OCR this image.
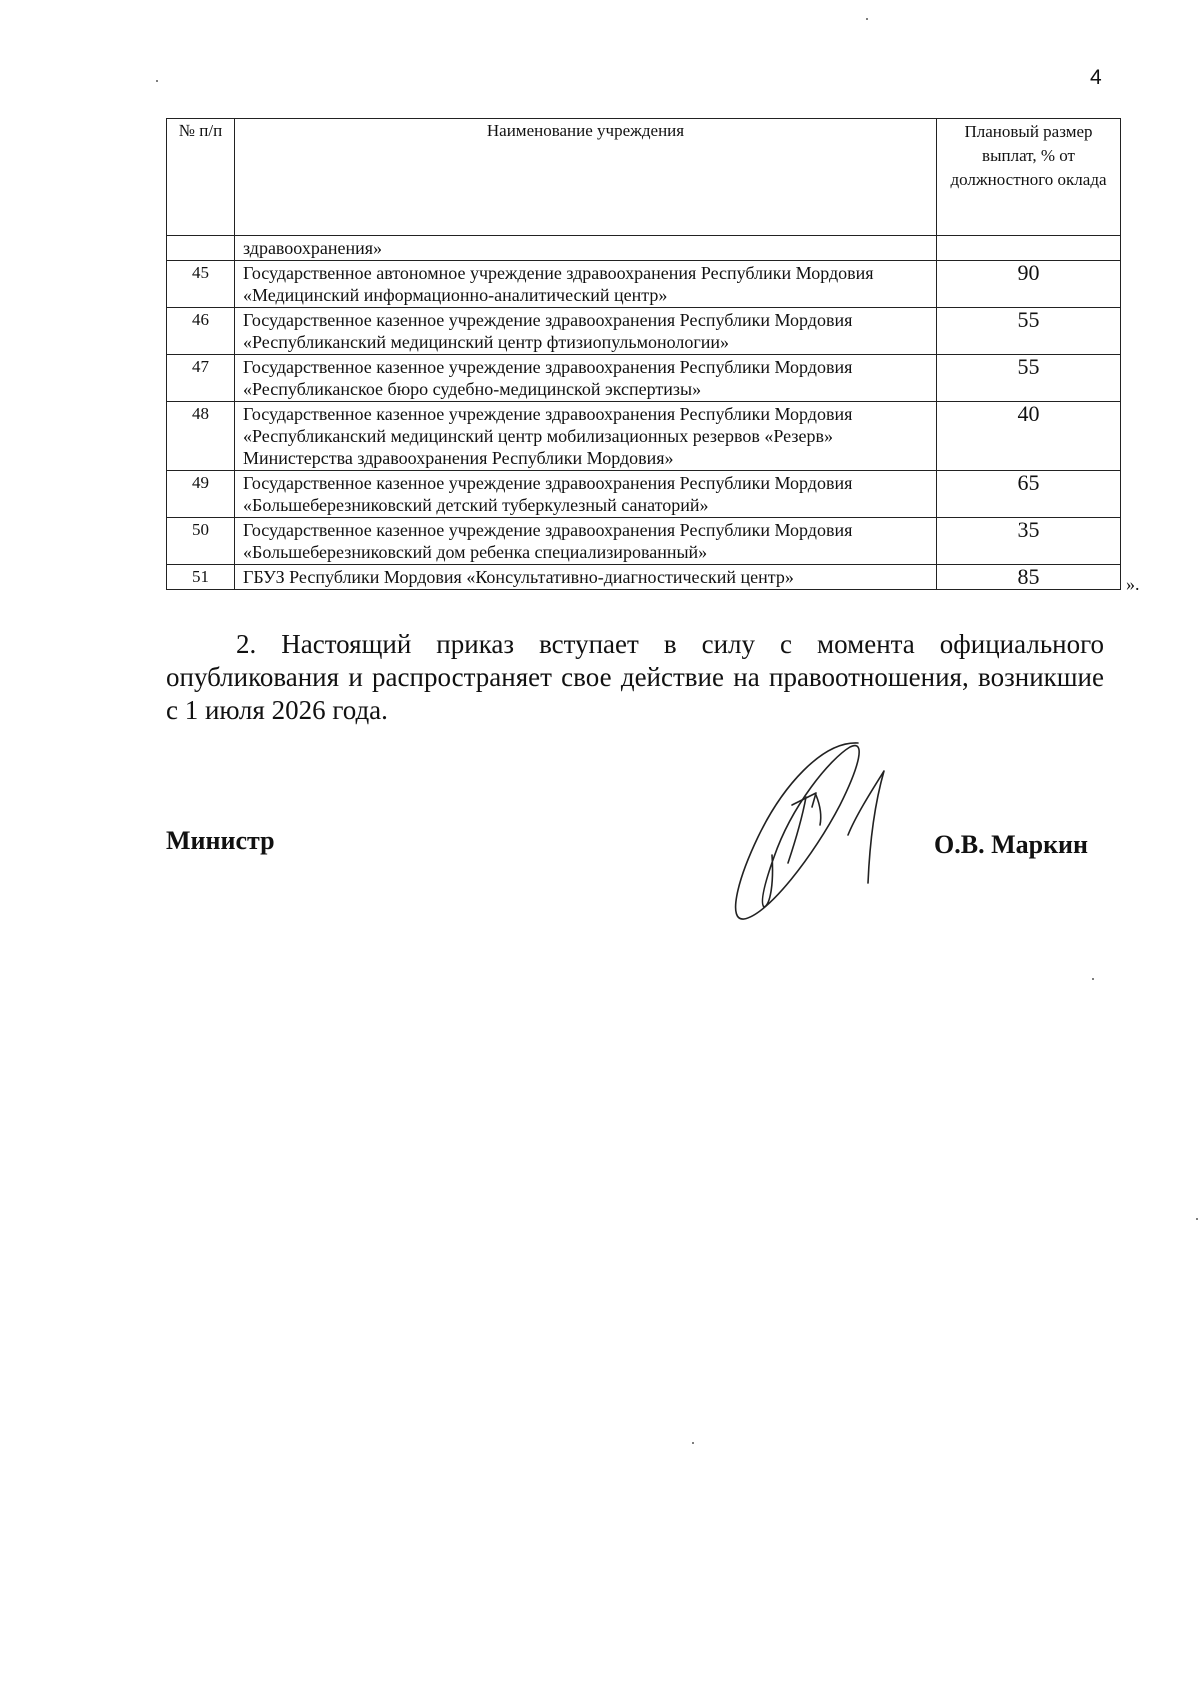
4
№ п/п	Наименование учреждения	Плановый размер выплат, % от должностного оклада
	здравоохранения»	
45	Государственное автономное учреждение здравоохранения Республики Мордовия «Медицинский информационно-аналитический центр»	90
46	Государственное казенное учреждение здравоохранения Республики Мордовия «Республиканский медицинский центр фтизиопульмонологии»	55
47	Государственное казенное учреждение здравоохранения Республики Мордовия «Республиканское бюро судебно-медицинской экспертизы»	55
48	Государственное казенное учреждение здравоохранения Республики Мордовия «Республиканский медицинский центр мобилизационных резервов «Резерв» Министерства здравоохранения Республики Мордовия»	40
49	Государственное казенное учреждение здравоохранения Республики Мордовия «Большеберезниковский детский туберкулезный санаторий»	65
50	Государственное казенное учреждение здравоохранения Республики Мордовия «Большеберезниковский дом ребенка специализированный»	35
51	ГБУЗ Республики Мордовия «Консультативно-диагностический центр»	85	».

2. Настоящий приказ вступает в силу с момента официального опубликования и распространяет свое действие на правоотношения, возникшие с 1 июля 2026 года.

Министр	О.В. Маркин
